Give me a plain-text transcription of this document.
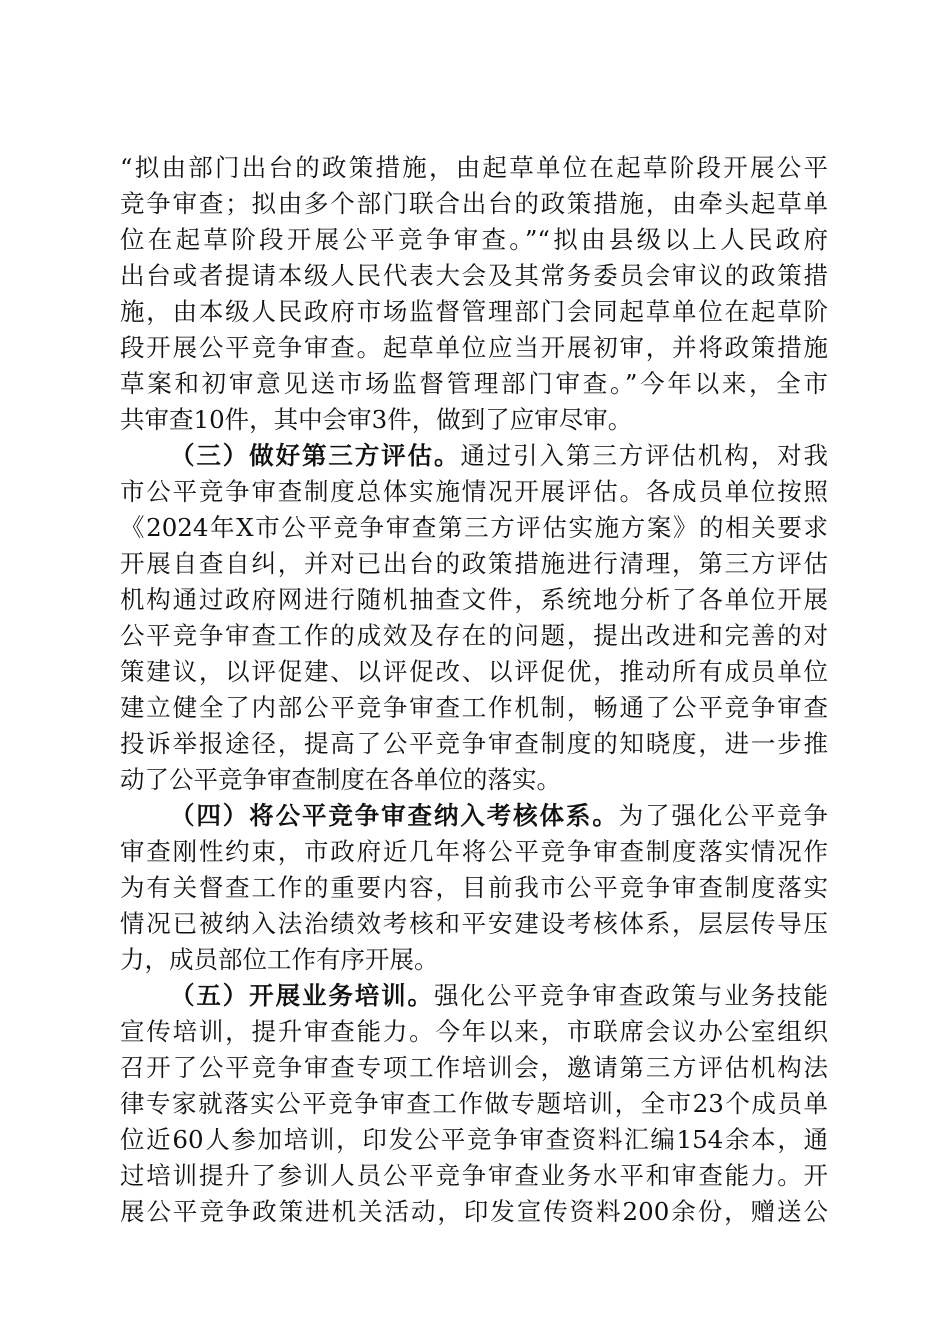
“拟由部门出台的政策措施，由起草单位在起草阶段开展公平
竞争审查；拟由多个部门联合出台的政策措施，由牵头起草单
位在起草阶段开展公平竞争审查。”“拟由县级以上人民政府
出台或者提请本级人民代表大会及其常务委员会审议的政策措
施，由本级人民政府市场监督管理部门会同起草单位在起草阶
段开展公平竞争审查。起草单位应当开展初审，并将政策措施
草案和初审意见送市场监督管理部门审查。”今年以来，全市
共审查10件，其中会审3件，做到了应审尽审。
（三）做好第三方评估。通过引入第三方评估机构，对我
市公平竞争审查制度总体实施情况开展评估。各成员单位按照
《2024年X市公平竞争审查第三方评估实施方案》的相关要求
开展自查自纠，并对已出台的政策措施进行清理，第三方评估
机构通过政府网进行随机抽查文件，系统地分析了各单位开展
公平竞争审查工作的成效及存在的问题，提出改进和完善的对
策建议，以评促建、以评促改、以评促优，推动所有成员单位
建立健全了内部公平竞争审查工作机制，畅通了公平竞争审查
投诉举报途径，提高了公平竞争审查制度的知晓度，进一步推
动了公平竞争审查制度在各单位的落实。
（四）将公平竞争审查纳入考核体系。为了强化公平竞争
审查刚性约束，市政府近几年将公平竞争审查制度落实情况作
为有关督查工作的重要内容，目前我市公平竞争审查制度落实
情况已被纳入法治绩效考核和平安建设考核体系，层层传导压
力，成员部位工作有序开展。
（五）开展业务培训。强化公平竞争审查政策与业务技能
宣传培训，提升审查能力。今年以来，市联席会议办公室组织
召开了公平竞争审查专项工作培训会，邀请第三方评估机构法
律专家就落实公平竞争审查工作做专题培训，全市23个成员单
位近60人参加培训，印发公平竞争审查资料汇编154余本，通
过培训提升了参训人员公平竞争审查业务水平和审查能力。开
展公平竞争政策进机关活动，印发宣传资料200余份，赠送公
